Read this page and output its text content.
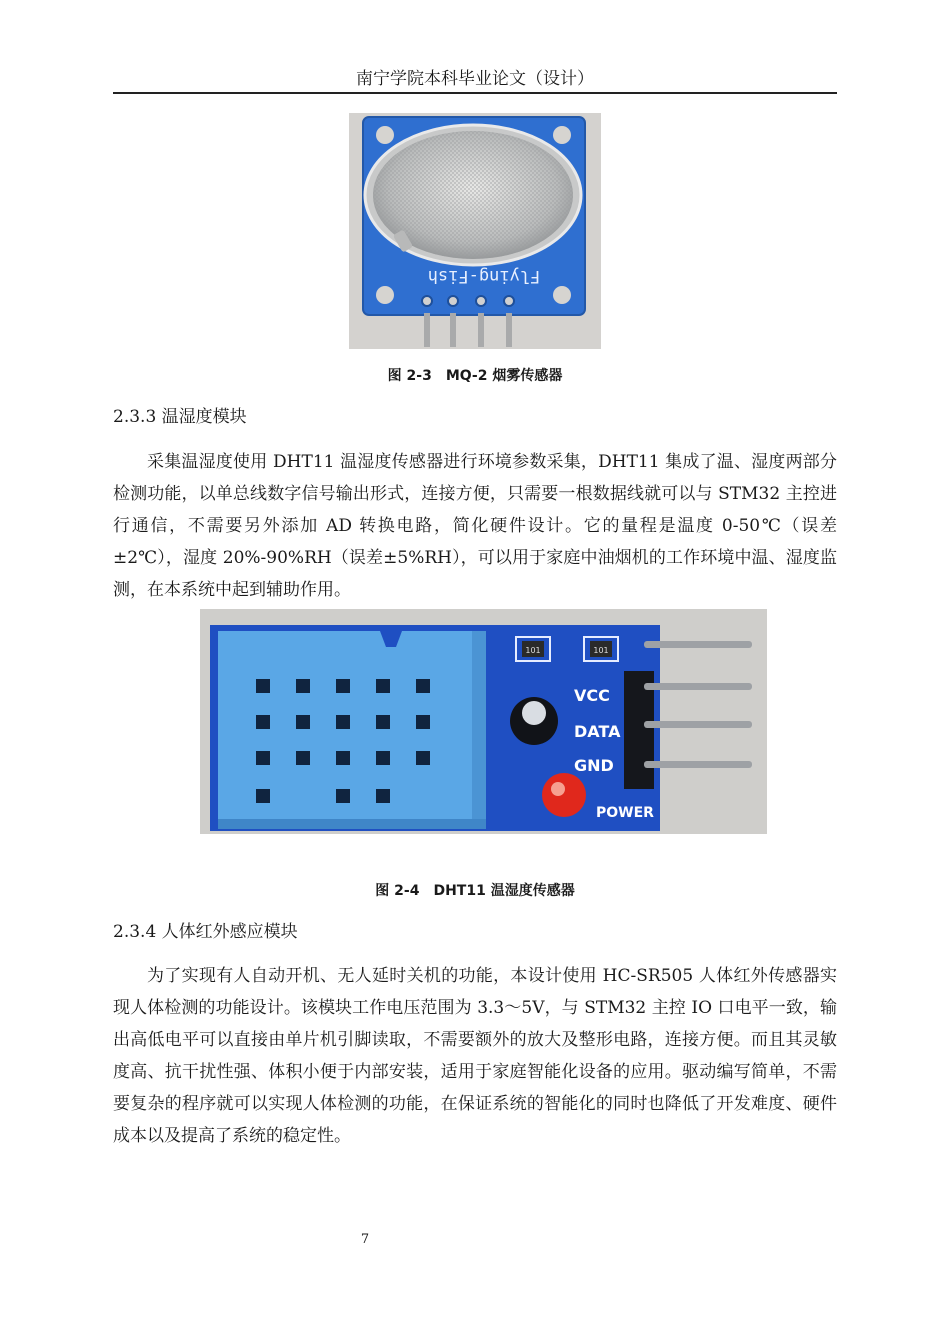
南宁学院本科毕业论文（设计）
Flying-Fish
图 2-3　MQ-2 烟雾传感器
2.3.3 温湿度模块

采集温湿度使用 DHT11 温湿度传感器进行环境参数采集，DHT11 集成了温、湿度两部分检测功能，以单总线数字信号输出形式，连接方便，只需要一根数据线就可以与 STM32 主控进行通信，不需要另外添加 AD 转换电路，简化硬件设计。它的量程是温度 0-50℃（误差±2℃），湿度 20%-90%RH（误差±5%RH），可以用于家庭中油烟机的工作环境中温、湿度监测，在本系统中起到辅助作用。

101	101
VCC
DATA
GND
POWER
图 2-4　DHT11 温湿度传感器
2.3.4 人体红外感应模块

为了实现有人自动开机、无人延时关机的功能，本设计使用 HC-SR505 人体红外传感器实现人体检测的功能设计。该模块工作电压范围为 3.3～5V，与 STM32 主控 IO 口电平一致，输出高低电平可以直接由单片机引脚读取，不需要额外的放大及整形电路，连接方便。而且其灵敏度高、抗干扰性强、体积小便于内部安装，适用于家庭智能化设备的应用。驱动编写简单，不需要复杂的程序就可以实现人体检测的功能，在保证系统的智能化的同时也降低了开发难度、硬件成本以及提高了系统的稳定性。

7
